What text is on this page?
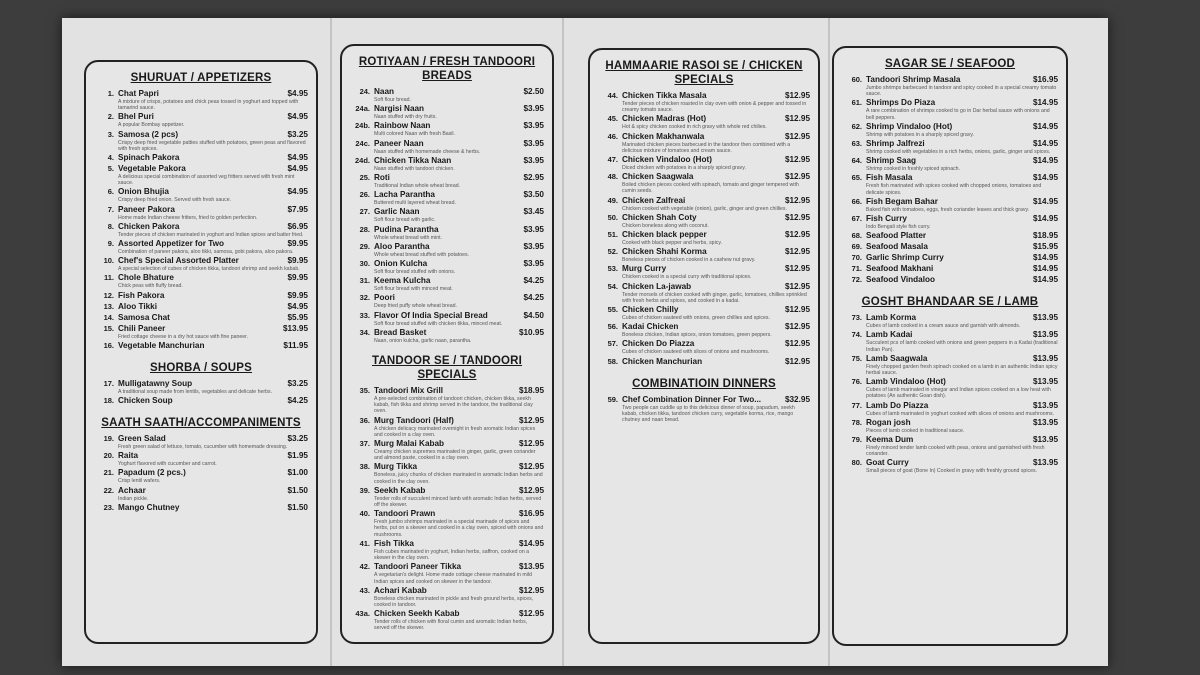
SHURUAT / APPETIZERS
1. Chat Papri	$4.95
A mixture of crisps, potatoes and chick peas tossed in yoghurt and topped with tamarind sauce.
2. Bhel Puri	$4.95
A popular Bombay appetizer.
3. Samosa (2 pcs)	$3.25
Crispy deep fried vegetable patties stuffed with potatoes, green peas and flavored with fresh spices.
4. Spinach Pakora	$4.95
5. Vegetable Pakora	$4.95
A delicious special combination of assorted veg fritters served with fresh mint sauce.
6. Onion Bhujia	$4.95
Crispy deep fried onion. Served with fresh sauce.
7. Paneer Pakora	$7.95
Home made Indian cheese fritters, fried to golden perfection.
8. Chicken Pakora	$6.95
Tender pieces of chicken marinated in yoghurt and Indian spices and batter fried.
9. Assorted Appetizer for Two	$9.95
Combination of paneer pakora, aloo tikki, samosa, gobi pakora, aloo pakora.
10. Chef's Special Assorted Platter	$9.95
A special selection of cubes of chicken tikka, tandoori shrimp and seekh kabab.
11. Chole Bhature	$9.95
Chick peas with fluffy bread.
12. Fish Pakora	$9.95
13. Aloo Tikki	$4.95
14. Samosa Chat	$5.95
15. Chili Paneer	$13.95
Fried cottage cheese in a dry hot sauce with fine paneer.
16. Vegetable Manchurian	$11.95
SHORBA / SOUPS
17. Mulligatawny Soup	$3.25
A traditional soup made from lentils, vegetables and delicate herbs.
18. Chicken Soup	$4.25
SAATH SAATH/ACCOMPANIMENTS
19. Green Salad	$3.25
Fresh green salad of lettuce, tomato, cucumber with homemade dressing.
20. Raita	$1.95
Yoghurt flavored with cucumber and carrot.
21. Papadum (2 pcs.)	$1.00
Crisp lentil wafers.
22. Achaar	$1.50
Indian pickle.
23. Mango Chutney	$1.50
ROTIYAAN / FRESH TANDOORI BREADS
24. Naan	$2.50
Soft flour bread.
24a. Nargisi Naan	$3.95
Naan stuffed with dry fruits.
24b. Rainbow Naan	$3.95
Multi colored Naan with fresh Basil.
24c. Paneer Naan	$3.95
Naan stuffed with homemade cheese & herbs.
24d. Chicken Tikka Naan	$3.95
Naan stuffed with tandoori chicken.
25. Roti	$2.95
Traditional Indian whole wheat bread.
26. Lacha Parantha	$3.50
Buttered multi layered wheat bread.
27. Garlic Naan	$3.45
Soft flour bread with garlic.
28. Pudina Parantha	$3.95
Whole wheat bread with mint.
29. Aloo Parantha	$3.95
Whole wheat bread stuffed with potatoes.
30. Onion Kulcha	$3.95
Soft flour bread stuffed with onions.
31. Keema Kulcha	$4.25
Soft flour bread with minced meat.
32. Poori	$4.25
Deep fried puffy whole wheat bread.
33. Flavor Of India Special Bread	$4.50
Soft flour bread stuffed with chicken tikka, minced meat.
34. Bread Basket	$10.95
Naan, onion kulcha, garlic naan, parantha.
TANDOOR SE / TANDOORI SPECIALS
35. Tandoori Mix Grill	$18.95
A pre-selected combination of tandoori chicken, chicken tikka, seekh kabab, fish tikka and shrimp served in the tandoor, the traditional clay oven.
36. Murg Tandoori (Half)	$12.95
A chicken delicacy marinated overnight in fresh aromatic Indian spices and cooked in a clay oven.
37. Murg Malai Kabab	$12.95
Creamy chicken supremes marinated in ginger, garlic, green coriander and almond paste, cooked in a clay oven.
38. Murg Tikka	$12.95
Boneless, juicy chunks of chicken marinated in aromatic Indian herbs and cooked in the clay oven.
39. Seekh Kabab	$12.95
Tender rolls of succulent minced lamb with aromatic Indian herbs, served off the skewer.
40. Tandoori Prawn	$16.95
Fresh jumbo shrimps marinated in a special marinade of spices and herbs, put on a skewer and cooked in a clay oven, spiced with onions and mushrooms.
41. Fish Tikka	$14.95
Fish cubes marinated in yoghurt, Indian herbs, saffron, cooked on a skewer in the clay oven.
42. Tandoori Paneer Tikka	$13.95
A vegetarian's delight. Home made cottage cheese marinated in mild Indian spices and cooked on skewer in the tandoor.
43. Achari Kabab	$12.95
Boneless chicken marinated in pickle and fresh ground herbs, spices, cooked in tandoor.
43a. Chicken Seekh Kabab	$12.95
Tender rolls of chicken with floral cumin and aromatic Indian herbs, served off the skewer.
HAMMAARIE RASOI SE / CHICKEN SPECIALS
44. Chicken Tikka Masala	$12.95
Tender pieces of chicken roasted in clay oven with onion & pepper and tossed in creamy tomato sauce.
45. Chicken Madras (Hot)	$12.95
Hot & spicy chicken cooked in rich gravy with whole red chilies.
46. Chicken Makhanwala	$12.95
Marinated chicken pieces barbecued in the tandoor then combined with a delicious mixture of tomatoes and cream sauce.
47. Chicken Vindaloo (Hot)	$12.95
Diced chicken with potatoes in a sharply spiced gravy.
48. Chicken Saagwala	$12.95
Boiled chicken pieces cooked with spinach, tomato and ginger tempered with cumin seeds.
49. Chicken Zalfreai	$12.95
Chicken cooked with vegetable (onion), garlic, ginger and green chillies.
50. Chicken Shah Coty	$12.95
Chicken boneless along with coconut.
51. Chicken black pepper	$12.95
Cooked with black pepper and herbs, spicy.
52. Chicken Shahi Korma	$12.95
Boneless pieces of chicken cooked in a cashew nut gravy.
53. Murg Curry	$12.95
Chicken cooked in a special curry with traditional spices.
54. Chicken La-jawab	$12.95
Tender morsels of chicken cooked with ginger, garlic, tomatoes, chillies sprinkled with fresh herbs and spices, and cooked in a kadai.
55. Chicken Chilly	$12.95
Cubes of chicken sauteed with onions, green chillies and spices.
56. Kadai Chicken	$12.95
Boneless chicken, Indian spices, onion tomatoes, green peppers.
57. Chicken Do Piazza	$12.95
Cubes of chicken sauteed with slices of onions and mushrooms.
58. Chicken Manchurian	$12.95
COMBINATIOIN DINNERS
59. Chef Combination Dinner For Two...	$32.95
Two people can cuddle up to this delicious dinner of soup, papadum, seekh kabab, chicken tikka, tandoori chicken curry, vegetable korma, rice, mango chutney and naan bread.
SAGAR SE / SEAFOOD
60. Tandoori Shrimp Masala	$16.95
Jumbo shrimps barbecued in tandoor and spicy cooked in a special creamy tomato sauce.
61. Shrimps Do Piaza	$14.95
A rare combination of shrimps cooked to go in Dar herbal sauce with onions and bell peppers.
62. Shrimp Vindaloo (Hot)	$14.95
Shrimp with potatoes in a sharply spiced gravy.
63. Shrimp Jalfrezi	$14.95
Shrimp cooked with vegetables in a rich herbs, onions, garlic, ginger and spices.
64. Shrimp Saag	$14.95
Shrimp cooked in freshly spiced spinach.
65. Fish Masala	$14.95
Fresh fish marinated with spices cooked with chopped onions, tomatoes and delicate spices.
66. Fish Begam Bahar	$14.95
Baked fish with tomatoes, eggs, fresh coriander leaves and thick gravy.
67. Fish Curry	$14.95
Indo Bengali style fish curry.
68. Seafood Platter	$18.95
69. Seafood Masala	$15.95
70. Garlic Shrimp Curry	$14.95
71. Seafood Makhani	$14.95
72. Seafood Vindaloo	$14.95
GOSHT BHANDAAR SE / LAMB
73. Lamb Korma	$13.95
Cubes of lamb cooked in a cream sauce and garnish with almonds.
74. Lamb Kadai	$13.95
Succulent pcs of lamb cooked with onions and green peppers in a Kadai (traditional Indian Pan).
75. Lamb Saagwala	$13.95
Finely chopped garden fresh spinach cooked on a lamb in an authentic Indian spicy herbal sauce.
76. Lamb Vindaloo (Hot)	$13.95
Cubes of lamb marinated in vinegar and Indian spices cooked on a low heat with potatoes (An authentic Goan dish).
77. Lamb Do Piazza	$13.95
Cubes of lamb marinated in yoghurt cooked with slices of onions and mushrooms.
78. Rogan josh	$13.95
Pieces of lamb cooked in traditional sauce.
79. Keema Dum	$13.95
Finely minced tender lamb cooked with peas, onions and garnished with fresh coriander.
80. Goat Curry	$13.95
Small pieces of goat (Bone In) Cooked in gravy with freshly ground spices.
